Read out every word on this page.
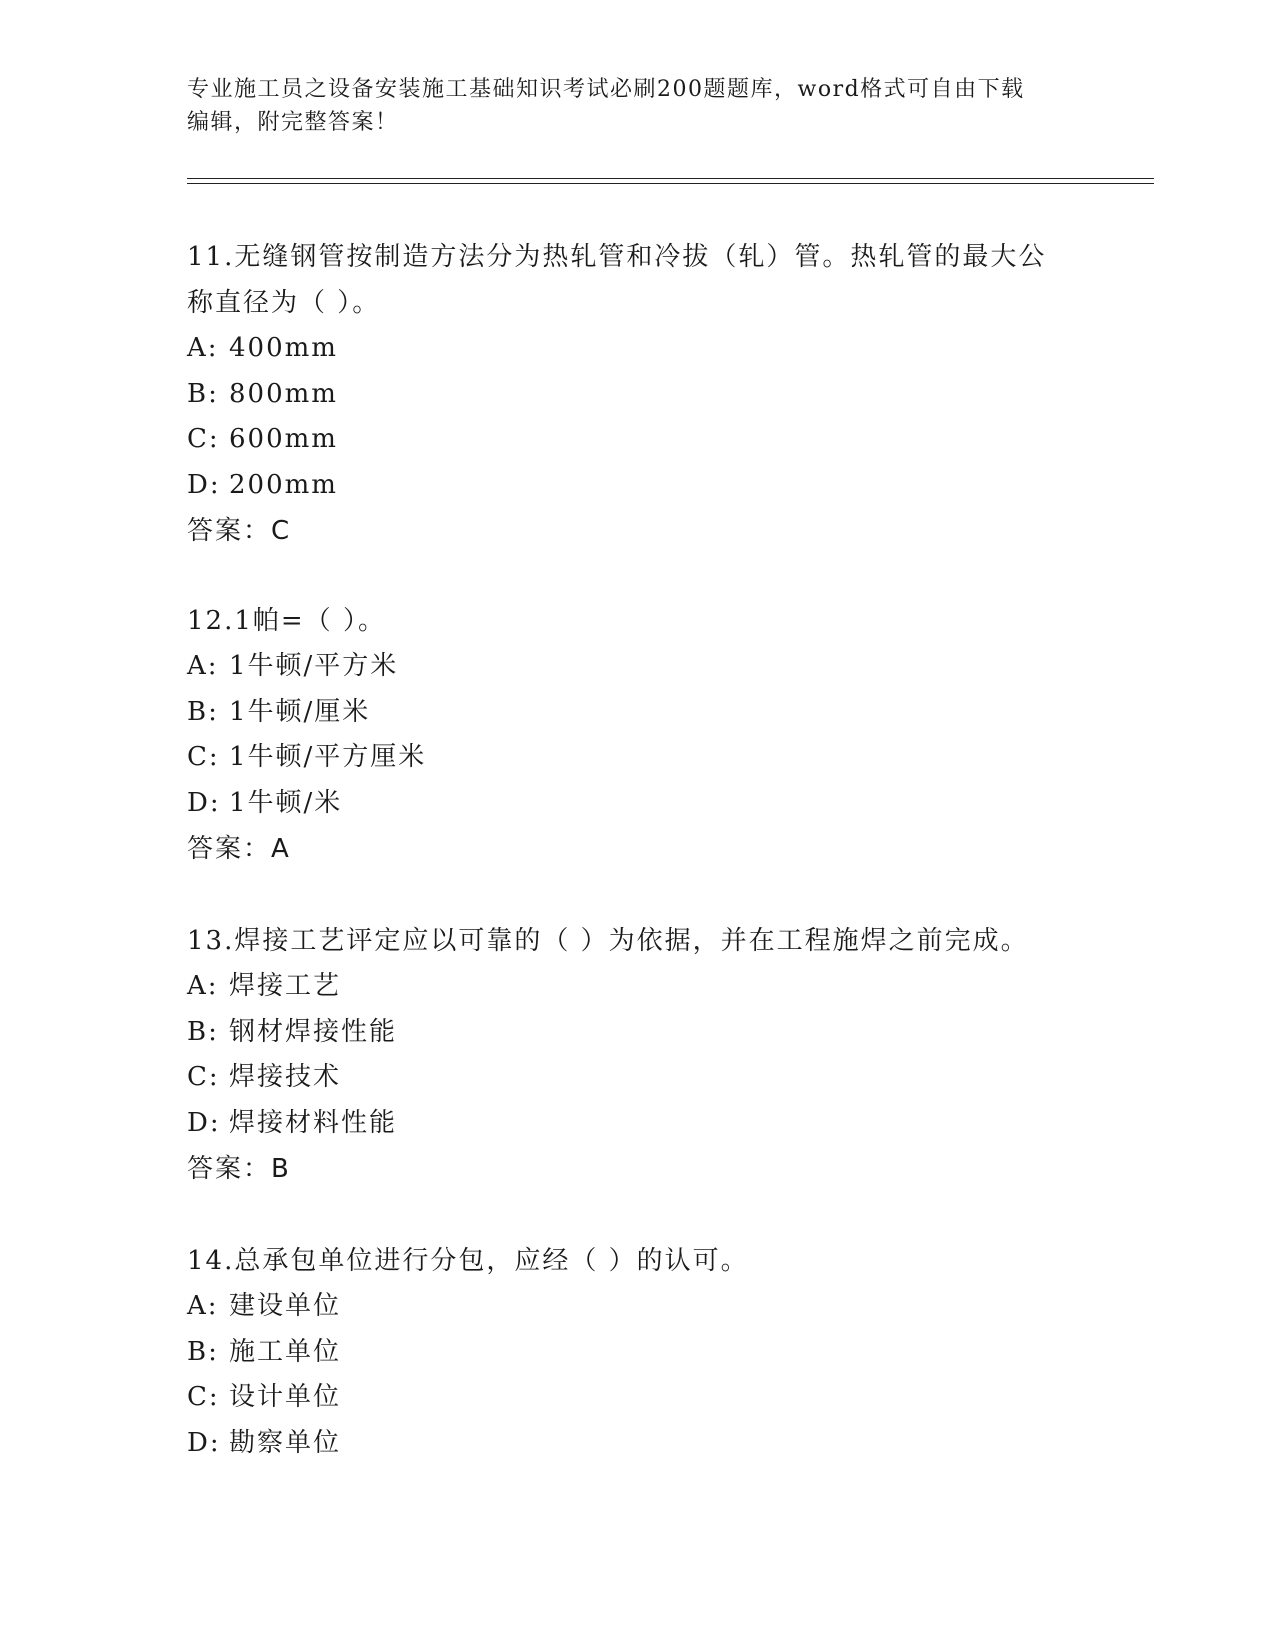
专业施工员之设备安装施工基础知识考试必刷200题题库，word格式可自由下载
编辑，附完整答案！

11.无缝钢管按制造方法分为热轧管和冷拔（轧）管。热轧管的最大公
称直径为（ ）。

A: 400mm

B: 800mm

C: 600mm

D: 200mm

答案：C

12.1帕=（ ）。

A: 1牛顿/平方米

B: 1牛顿/厘米

C: 1牛顿/平方厘米

D: 1牛顿/米

答案：A

13.焊接工艺评定应以可靠的（ ）为依据，并在工程施焊之前完成。

A: 焊接工艺

B: 钢材焊接性能

C: 焊接技术

D: 焊接材料性能

答案：B

14.总承包单位进行分包，应经（ ）的认可。

A: 建设单位

B: 施工单位

C: 设计单位

D: 勘察单位
